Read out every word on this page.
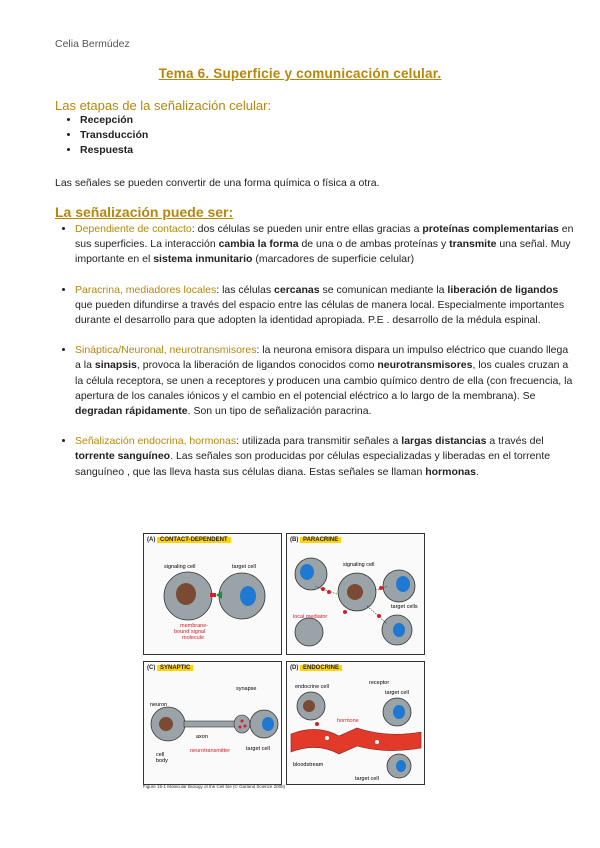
Celia Bermúdez
Tema 6. Superficie y comunicación celular.
Las etapas de la señalización celular:
• Recepción
• Transducción
• Respuesta
Las señales se pueden convertir de una forma química o física a otra.
La señalización puede ser:
• Dependiente de contacto: dos células se pueden unir entre ellas gracias a proteínas complementarias en sus superficies. La interacción cambia la forma de una o de ambas proteínas y transmite una señal. Muy importante en el sistema inmunitario (marcadores de superficie celular)
• Paracrina, mediadores locales: las células cercanas se comunican mediante la liberación de ligandos que pueden difundirse a través del espacio entre las células de manera local. Especialmente importantes durante el desarrollo para que adopten la identidad apropiada. P.E . desarrollo de la médula espinal.
• Sináptica/Neuronal, neurotransmisores: la neurona emisora dispara un impulso eléctrico que cuando llega a la sinapsis, provoca la liberación de ligandos conocidos como neurotransmisores, los cuales cruzan a la célula receptora, se unen a receptores y producen una cambio químico dentro de ella (con frecuencia, la apertura de los canales iónicos y el cambio en el potencial eléctrico a lo largo de la membrana). Se degradan rápidamente. Son un tipo de señalización paracrina.
• Señalización endocrina, hormonas: utilizada para transmitir señales a largas distancias a través del torrente sanguíneo. Las señales son producidas por células especializadas y liberadas en el torrente sanguíneo , que las lleva hasta sus células diana. Estas señales se llaman hormonas.
(A) CONTACT-DEPENDENT
signaling cell	target cell
membrane-bound signal molecule
(B) PARACRINE
signaling cell
target cells
local mediator
(C) SYNAPTIC
synapse
neuron
axon
cell body
neurotransmitter	target cell
(D) ENDOCRINE
endocrine cell
receptor
target cell
hormone
bloodstream
target cell
Figure 15-1 Molecular Biology of the Cell 5/e (© Garland Science 2008)
